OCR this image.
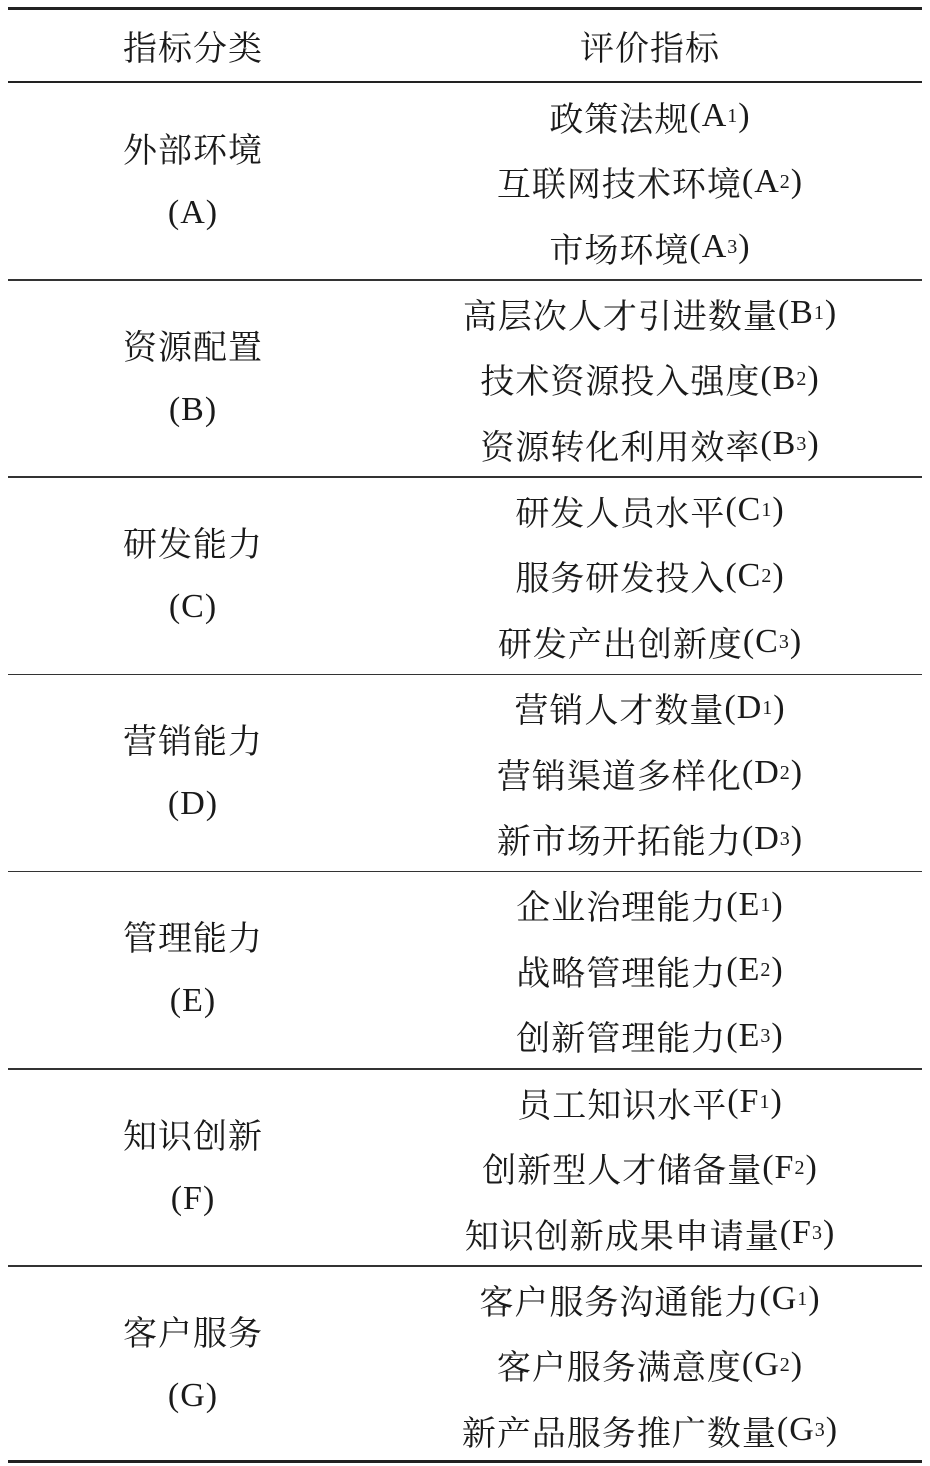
指标分类	评价指标
外部环境
(A)
政策法规 ( A 1 )
互联网技术环境 ( A 2 )
市场环境 ( A 3 )
资源配置
(B)
高层次人才引进数量 ( B 1 )
技术资源投入强度 ( B 2 )
资源转化利用效率 ( B 3 )
研发能力
(C)
研发人员水平 ( C 1 )
服务研发投入 ( C 2 )
研发产出创新度 ( C 3 )
营销能力
(D)
营销人才数量 ( D 1 )
营销渠道多样化 ( D 2 )
新市场开拓能力 ( D 3 )
管理能力
(E)
企业治理能力 ( E 1 )
战略管理能力 ( E 2 )
创新管理能力 ( E 3 )
知识创新
(F)
员工知识水平 ( F 1 )
创新型人才储备量 ( F 2 )
知识创新成果申请量 ( F 3 )
客户服务
(G)
客户服务沟通能力 ( G 1 )
客户服务满意度 ( G 2 )
新产品服务推广数量 ( G 3 )
